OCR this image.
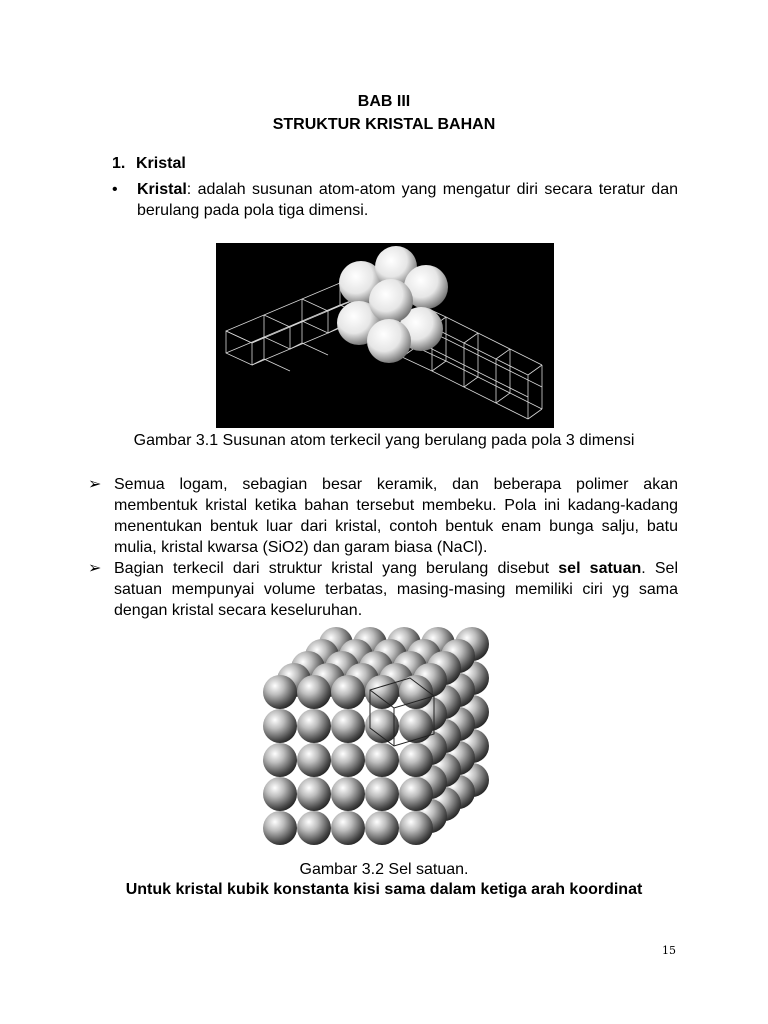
BAB III
STRUKTUR KRISTAL BAHAN
1. Kristal
• Kristal: adalah susunan atom-atom yang mengatur diri secara teratur dan berulang pada pola tiga dimensi.
Gambar 3.1 Susunan atom terkecil yang berulang pada pola 3 dimensi
➢ Semua logam, sebagian besar keramik, dan beberapa polimer akan membentuk kristal ketika bahan tersebut membeku. Pola ini kadang-kadang menentukan bentuk luar dari kristal, contoh bentuk enam bunga salju, batu mulia, kristal kwarsa (SiO2) dan garam biasa (NaCl).
➢ Bagian terkecil dari struktur kristal yang berulang disebut sel satuan. Sel satuan mempunyai volume terbatas, masing-masing memiliki ciri yg sama dengan kristal secara keseluruhan.
Gambar 3.2 Sel satuan.
Untuk kristal kubik konstanta kisi sama dalam ketiga arah koordinat
15
